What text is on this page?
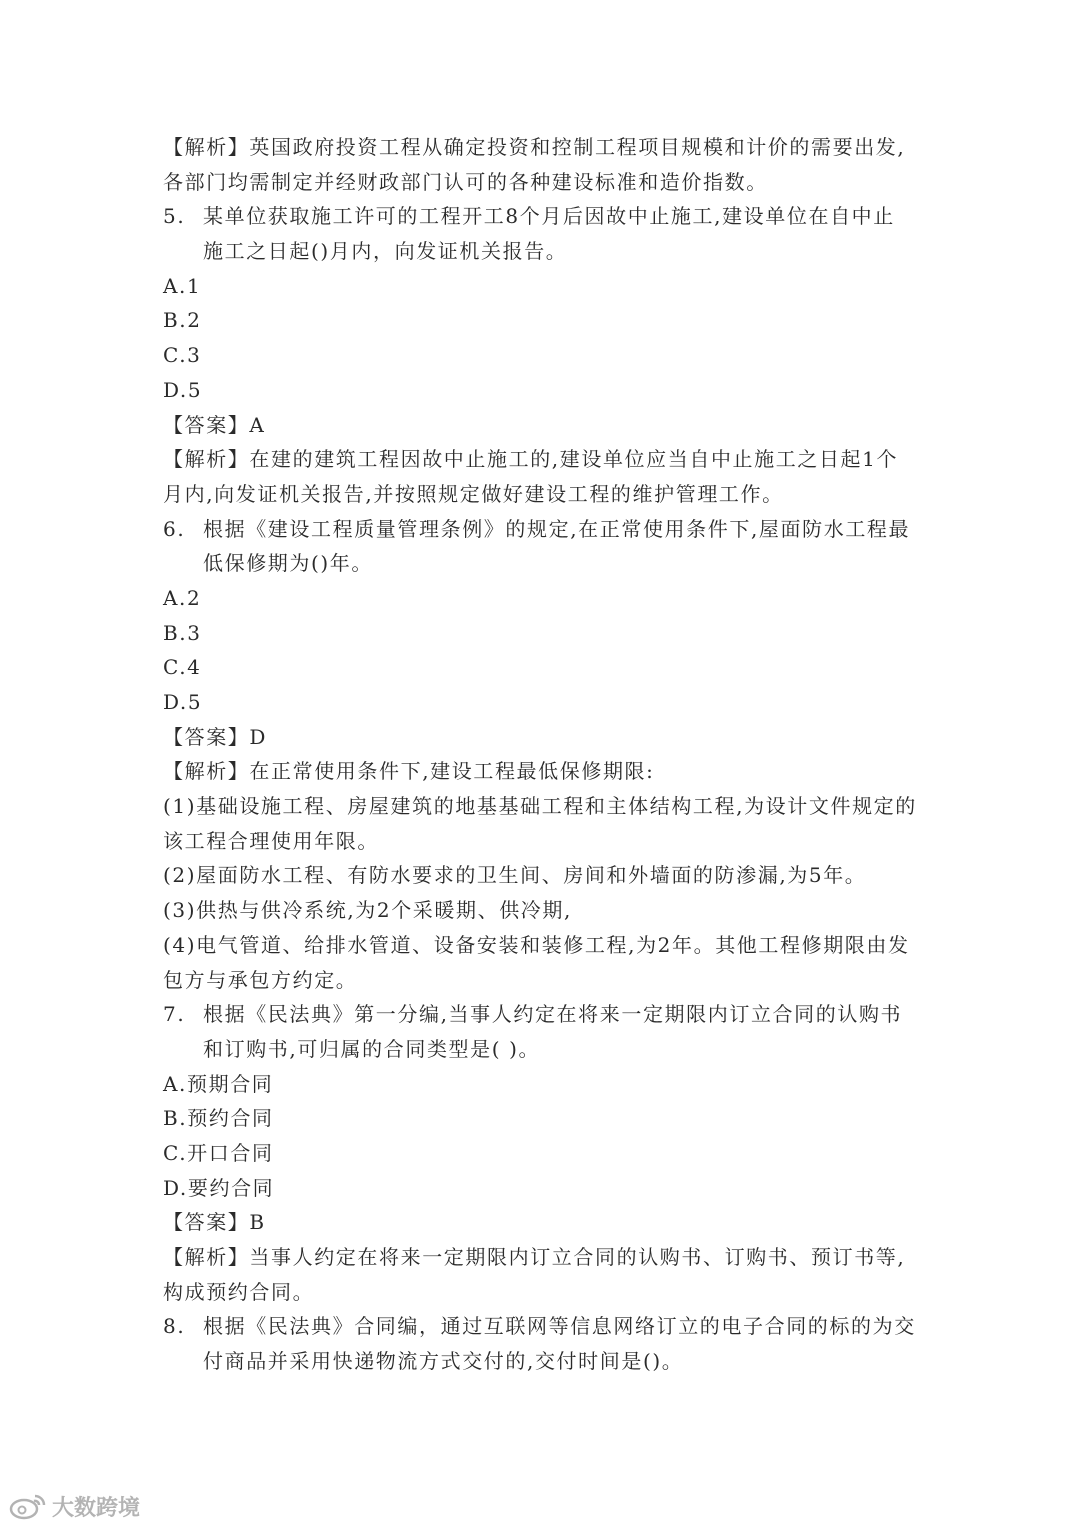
【解析】英国政府投资工程从确定投资和控制工程项目规模和计价的需要出发,
各部门均需制定并经财政部门认可的各种建设标准和造价指数。
5. 某单位获取施工许可的工程开工8个月后因故中止施工,建设单位在自中止
施工之日起()月内，向发证机关报告。
A.1
B.2
C.3
D.5
【答案】A
【解析】在建的建筑工程因故中止施工的,建设单位应当自中止施工之日起1个
月内,向发证机关报告,并按照规定做好建设工程的维护管理工作。
6. 根据《建设工程质量管理条例》的规定,在正常使用条件下,屋面防水工程最
低保修期为()年。
A.2
B.3
C.4
D.5
【答案】D
【解析】在正常使用条件下,建设工程最低保修期限:
(1)基础设施工程、房屋建筑的地基基础工程和主体结构工程,为设计文件规定的
该工程合理使用年限。
(2)屋面防水工程、有防水要求的卫生间、房间和外墙面的防渗漏,为5年。
(3)供热与供冷系统,为2个采暖期、供冷期,
(4)电气管道、给排水管道、设备安装和装修工程,为2年。其他工程修期限由发
包方与承包方约定。
7. 根据《民法典》第一分编,当事人约定在将来一定期限内订立合同的认购书
和订购书,可归属的合同类型是( )。
A.预期合同
B.预约合同
C.开口合同
D.要约合同
【答案】B
【解析】当事人约定在将来一定期限内订立合同的认购书、订购书、预订书等,
构成预约合同。
8. 根据《民法典》合同编，通过互联网等信息网络订立的电子合同的标的为交
付商品并采用快递物流方式交付的,交付时间是()。
大数跨境
